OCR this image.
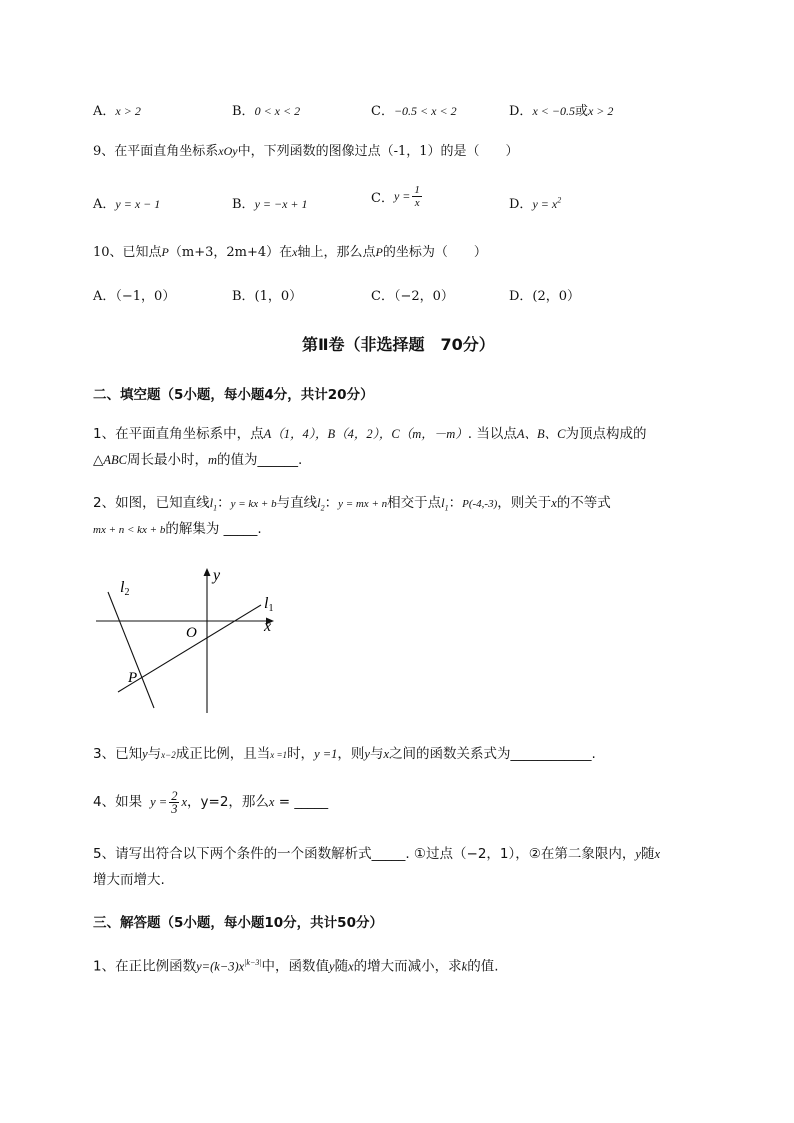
A．x > 2	B．0 < x < 2	C．−0.5 < x < 2	D．x < −0.5或x > 2
9、在平面直角坐标系xOy中，下列函数的图像过点（-1，1）的是（　　）
A．y = x − 1	B．y = −x + 1	C．$y = \frac{1}{x}$	D．$y = x^2$
10、已知点P（m+3，2m+4）在x轴上，那么点P的坐标为（　　）
A．（−1，0）	B．(1，0）	C．（−2，0）	D．(2，0）
第Ⅱ卷（非选择题　70分）
二、填空题（5小题，每小题4分，共计20分）
1、在平面直角坐标系中，点A（1，4），B（4，2），C（m，－m）. 当以点A、B、C为顶点构成的
△ABC周长最小时，m的值为______.
2、如图，已知直线$l_1$：y = kx + b与直线$l_2$：y = mx + n相交于点$l_1$：P(-4,-3)，则关于x的不等式
mx + n < kx + b的解集为 _____.
y
x
O
l1
l2
P
3、已知y与x−2成正比例，且当x =1时，y =1，则y与x之间的函数关系式为____________.
4、如果 $y = \frac{2}{3}$ x，y=2，那么x = _____
5、请写出符合以下两个条件的一个函数解析式_____. ①过点（−2，1），②在第二象限内，y随x
增大而增大.
三、解答题（5小题，每小题10分，共计50分）
1、在正比例函数$y=(k-3)x^{|k-3|}$中，函数值y随x的增大而减小，求k的值.
